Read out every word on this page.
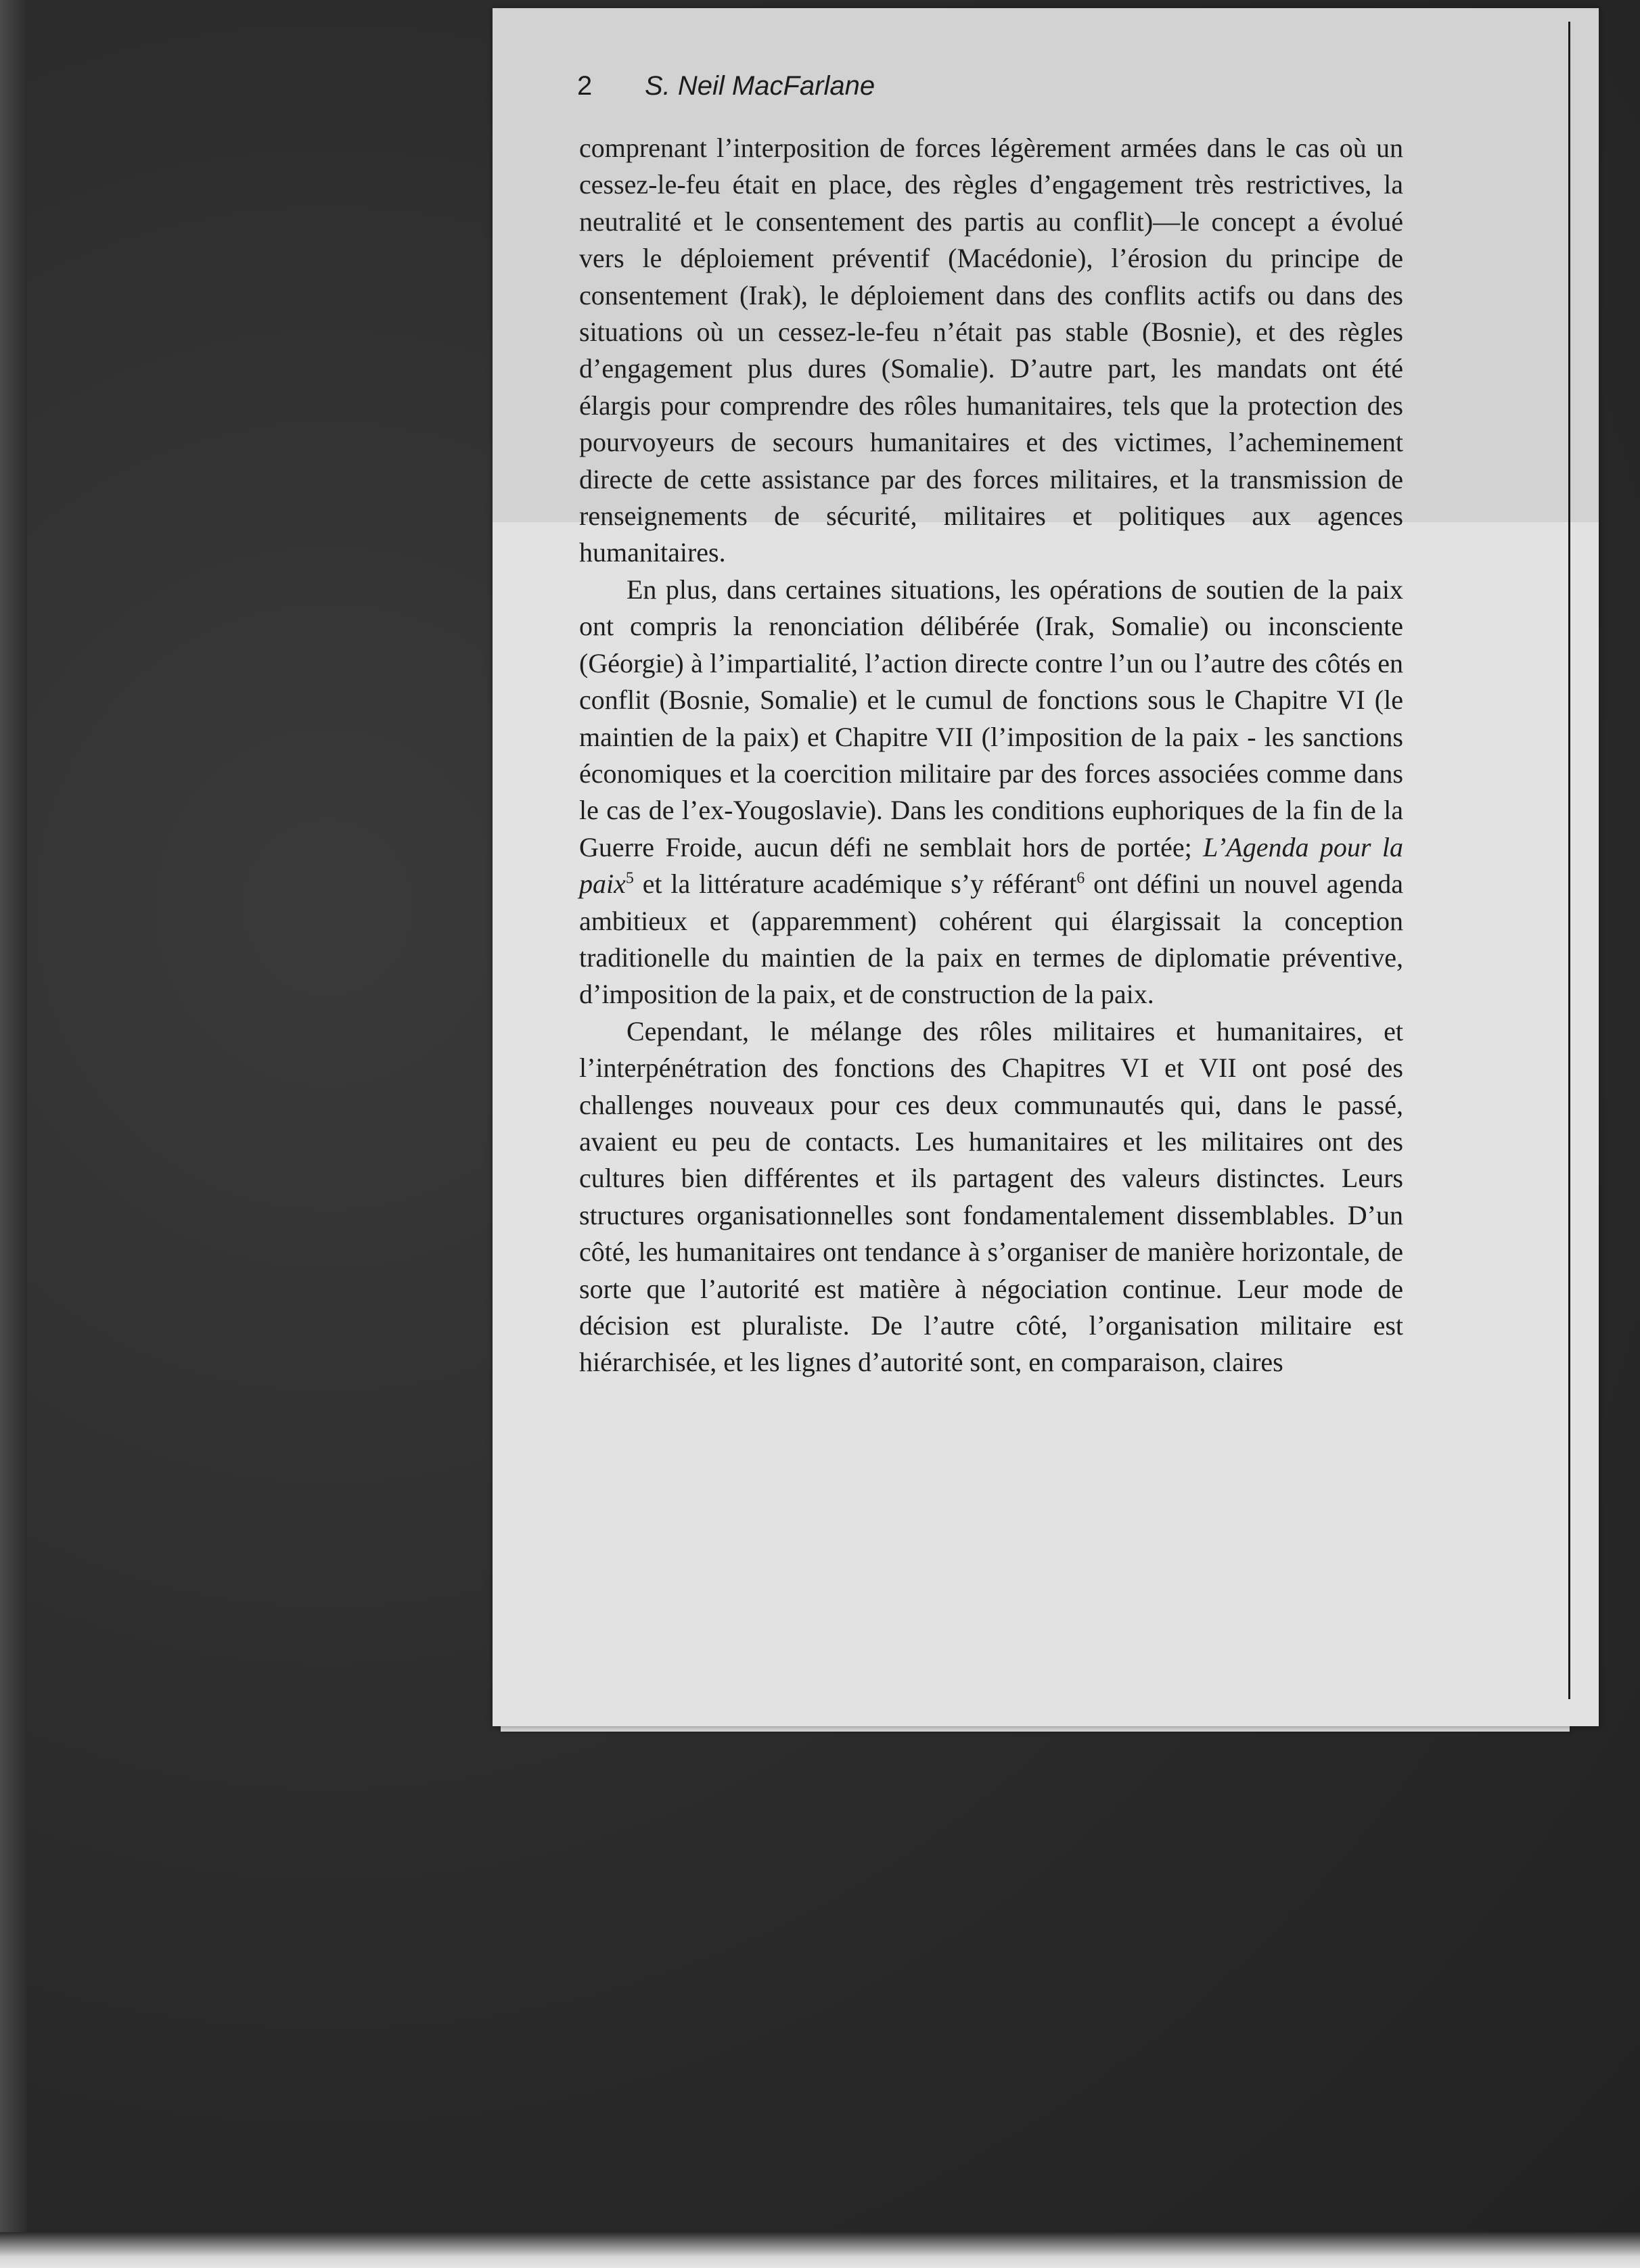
2	S. Neil MacFarlane

comprenant l’interposition de forces légèrement armées dans le cas où un cessez-le-feu était en place, des règles d’engagement très restrictives, la neutralité et le consentement des partis au conflit)—le concept a évolué vers le déploiement préventif (Macédonie), l’érosion du principe de consentement (Irak), le déploiement dans des conflits actifs ou dans des situations où un cessez-le-feu n’était pas stable (Bosnie), et des règles d’engagement plus dures (Somalie). D’autre part, les mandats ont été élargis pour comprendre des rôles humanitaires, tels que la protection des pourvoyeurs de secours humanitaires et des victimes, l’acheminement directe de cette assistance par des forces militaires, et la transmission de renseignements de sécurité, militaires et politiques aux agences humanitaires.

En plus, dans certaines situations, les opérations de soutien de la paix ont compris la renonciation délibérée (Irak, Somalie) ou inconsciente (Géorgie) à l’impartialité, l’action directe contre l’un ou l’autre des côtés en conflit (Bosnie, Somalie) et le cumul de fonctions sous le Chapitre VI (le maintien de la paix) et Chapitre VII (l’imposition de la paix - les sanctions économiques et la coercition militaire par des forces associées comme dans le cas de l’ex-Yougoslavie). Dans les conditions euphoriques de la fin de la Guerre Froide, aucun défi ne semblait hors de portée; L’Agenda pour la paix$^5$ et la littérature académique s’y référant$^6$ ont défini un nouvel agenda ambitieux et (apparemment) cohérent qui élargissait la conception traditionelle du maintien de la paix en termes de diplomatie préventive, d’imposition de la paix, et de construction de la paix.

Cependant, le mélange des rôles militaires et humanitaires, et l’interpénétration des fonctions des Chapitres VI et VII ont posé des challenges nouveaux pour ces deux communautés qui, dans le passé, avaient eu peu de contacts. Les humanitaires et les militaires ont des cultures bien différentes et ils partagent des valeurs distinctes. Leurs structures organisationnelles sont fondamentalement dissemblables. D’un côté, les humanitaires ont tendance à s’organiser de manière horizontale, de sorte que l’autorité est matière à négociation continue. Leur mode de décision est pluraliste. De l’autre côté, l’organisation militaire est hiérarchisée, et les lignes d’autorité sont, en comparaison, claires
